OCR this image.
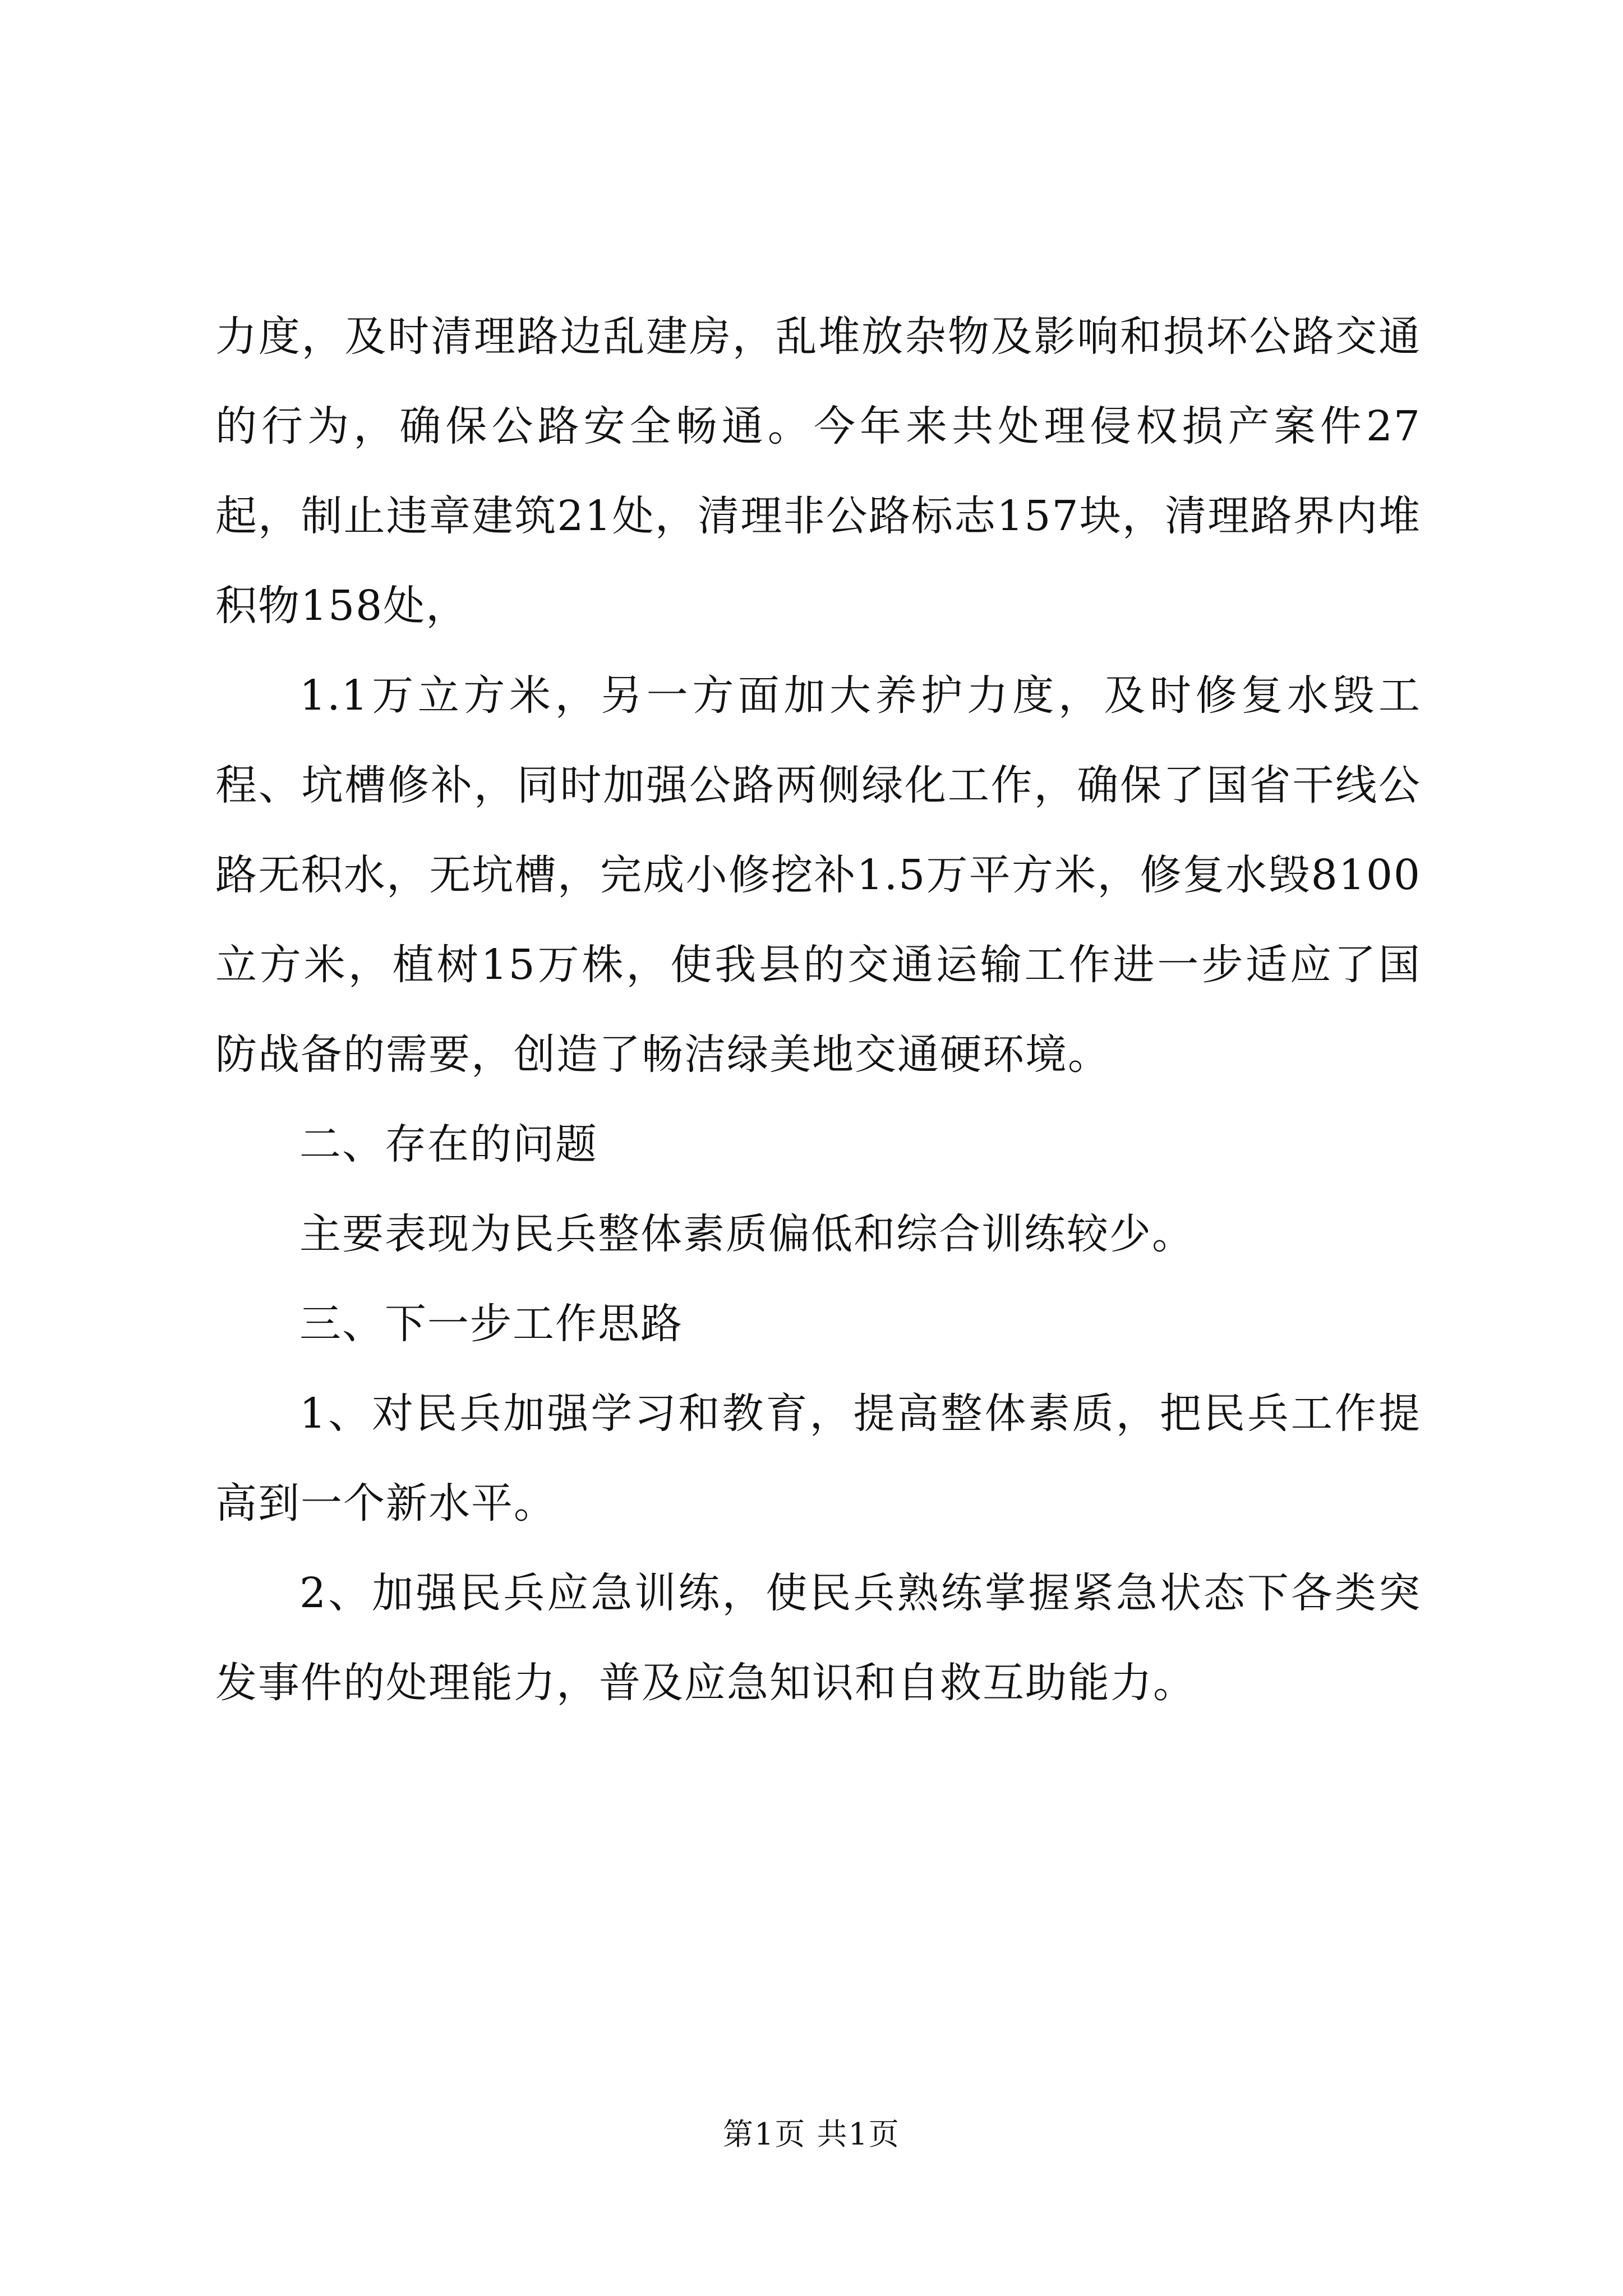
力度，及时清理路边乱建房，乱堆放杂物及影响和损坏公路交通的行为，确保公路安全畅通。今年来共处理侵权损产案件27起，制止违章建筑21处，清理非公路标志157块，清理路界内堆积物158处，

1.1万立方米，另一方面加大养护力度，及时修复水毁工程、坑槽修补，同时加强公路两侧绿化工作，确保了国省干线公路无积水，无坑槽，完成小修挖补1.5万平方米，修复水毁8100立方米，植树15万株，使我县的交通运输工作进一步适应了国防战备的需要，创造了畅洁绿美地交通硬环境。

二、存在的问题

主要表现为民兵整体素质偏低和综合训练较少。

三、下一步工作思路

1、对民兵加强学习和教育，提高整体素质，把民兵工作提高到一个新水平。

2、加强民兵应急训练，使民兵熟练掌握紧急状态下各类突发事件的处理能力，普及应急知识和自救互助能力。

第1页 共1页
